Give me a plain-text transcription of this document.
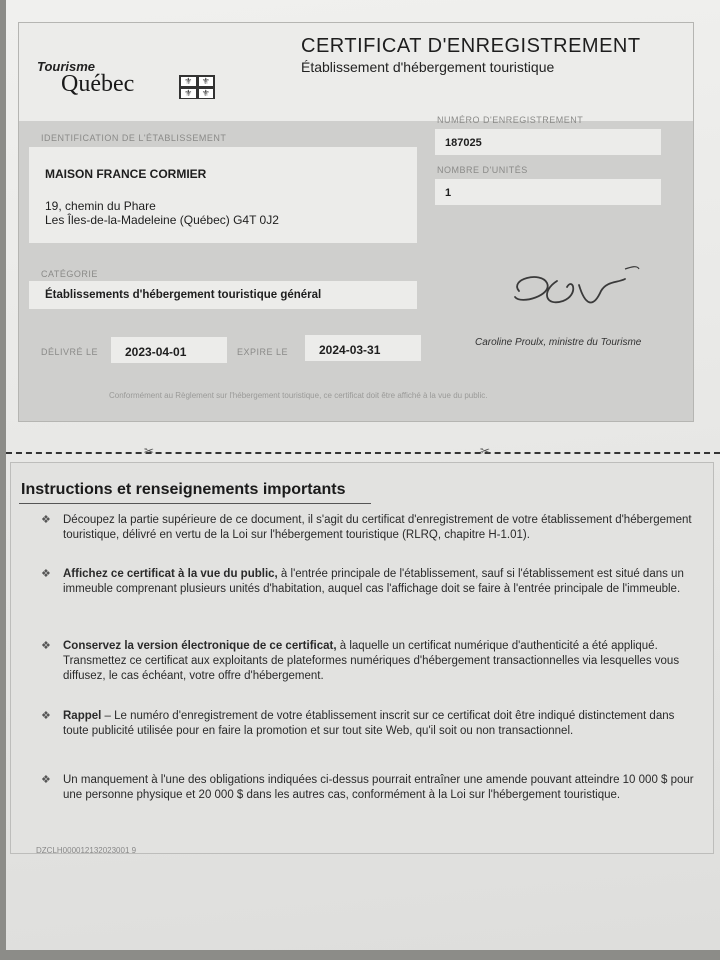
Tourisme
Québec	⚜	⚜
⚜	⚜
CERTIFICAT D'ENREGISTREMENT
Établissement d'hébergement touristique
IDENTIFICATION DE L'ÉTABLISSEMENT
MAISON FRANCE CORMIER
19, chemin du Phare
Les Îles-de-la-Madeleine (Québec) G4T 0J2
NUMÉRO D'ENREGISTREMENT
187025
NOMBRE D'UNITÉS
1
CATÉGORIE
Établissements d'hébergement touristique général
DÉLIVRÉ LE 2023-04-01	EXPIRE LE	2024-03-31
Caroline Proulx, ministre du Tourisme
Conformément au Règlement sur l'hébergement touristique, ce certificat doit être affiché à la vue du public.
✂	✂
Instructions et renseignements importants
❖ Découpez la partie supérieure de ce document, il s'agit du certificat d'enregistrement de votre établissement d'hébergement touristique, délivré en vertu de la Loi sur l'hébergement touristique (RLRQ, chapitre H-1.01).
❖ Affichez ce certificat à la vue du public, à l'entrée principale de l'établissement, sauf si l'établissement est situé dans un immeuble comprenant plusieurs unités d'habitation, auquel cas l'affichage doit se faire à l'entrée principale de l'immeuble.
❖ Conservez la version électronique de ce certificat, à laquelle un certificat numérique d'authenticité a été appliqué. Transmettez ce certificat aux exploitants de plateformes numériques d'hébergement transactionnelles via lesquelles vous diffusez, le cas échéant, votre offre d'hébergement.
❖ Rappel – Le numéro d'enregistrement de votre établissement inscrit sur ce certificat doit être indiqué distinctement dans toute publicité utilisée pour en faire la promotion et sur tout site Web, qu'il soit ou non transactionnel.
❖ Un manquement à l'une des obligations indiquées ci-dessus pourrait entraîner une amende pouvant atteindre 10 000 $ pour une personne physique et 20 000 $ dans les autres cas, conformément à la Loi sur l'hébergement touristique.
DZCLH000012132023001 9
